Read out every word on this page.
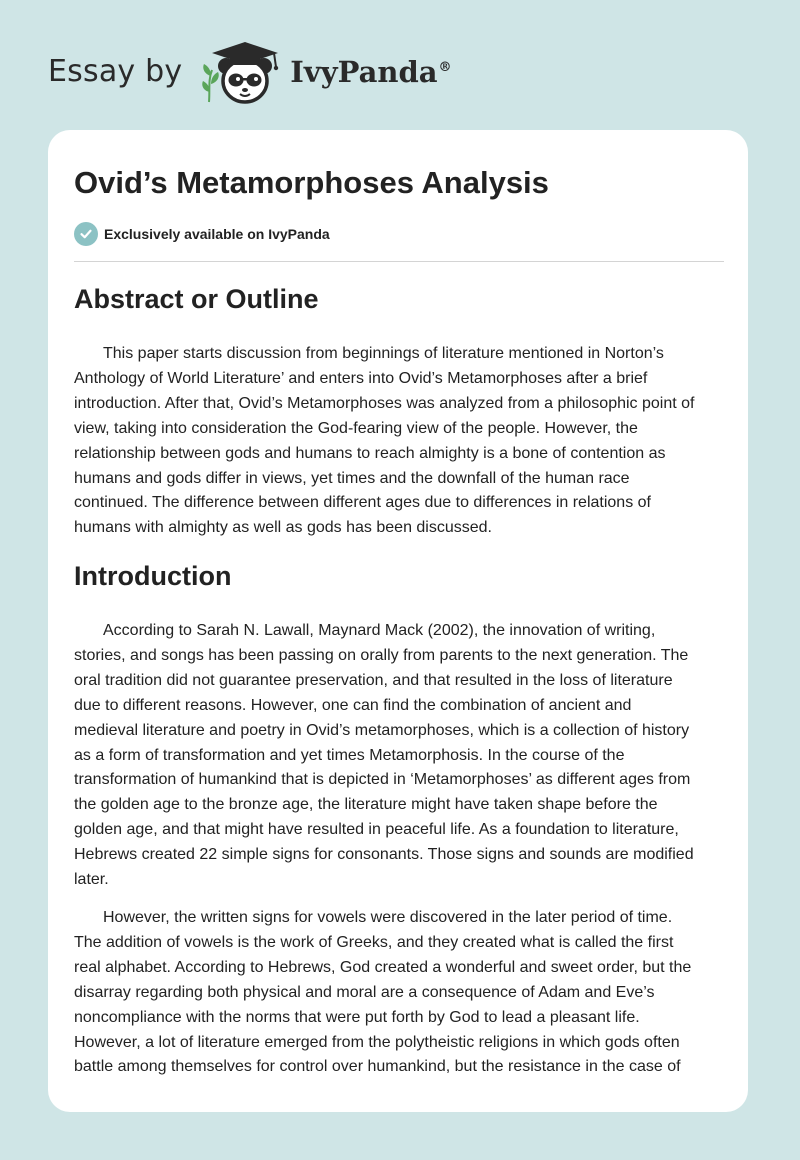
Essay by	IvyPanda®
Ovid’s Metamorphoses Analysis
Exclusively available on IvyPanda
Abstract or Outline

This paper starts discussion from beginnings of literature mentioned in Norton’s
Anthology of World Literature’ and enters into Ovid’s Metamorphoses after a brief
introduction. After that, Ovid’s Metamorphoses was analyzed from a philosophic point of
view, taking into consideration the God-fearing view of the people. However, the
relationship between gods and humans to reach almighty is a bone of contention as
humans and gods differ in views, yet times and the downfall of the human race
continued. The difference between different ages due to differences in relations of
humans with almighty as well as gods has been discussed.

Introduction

According to Sarah N. Lawall, Maynard Mack (2002), the innovation of writing,
stories, and songs has been passing on orally from parents to the next generation. The
oral tradition did not guarantee preservation, and that resulted in the loss of literature
due to different reasons. However, one can find the combination of ancient and
medieval literature and poetry in Ovid’s metamorphoses, which is a collection of history
as a form of transformation and yet times Metamorphosis. In the course of the
transformation of humankind that is depicted in ‘Metamorphoses’ as different ages from
the golden age to the bronze age, the literature might have taken shape before the
golden age, and that might have resulted in peaceful life. As a foundation to literature,
Hebrews created 22 simple signs for consonants. Those signs and sounds are modified
later.

However, the written signs for vowels were discovered in the later period of time.
The addition of vowels is the work of Greeks, and they created what is called the first
real alphabet. According to Hebrews, God created a wonderful and sweet order, but the
disarray regarding both physical and moral are a consequence of Adam and Eve’s
noncompliance with the norms that were put forth by God to lead a pleasant life.
However, a lot of literature emerged from the polytheistic religions in which gods often
battle among themselves for control over humankind, but the resistance in the case of
